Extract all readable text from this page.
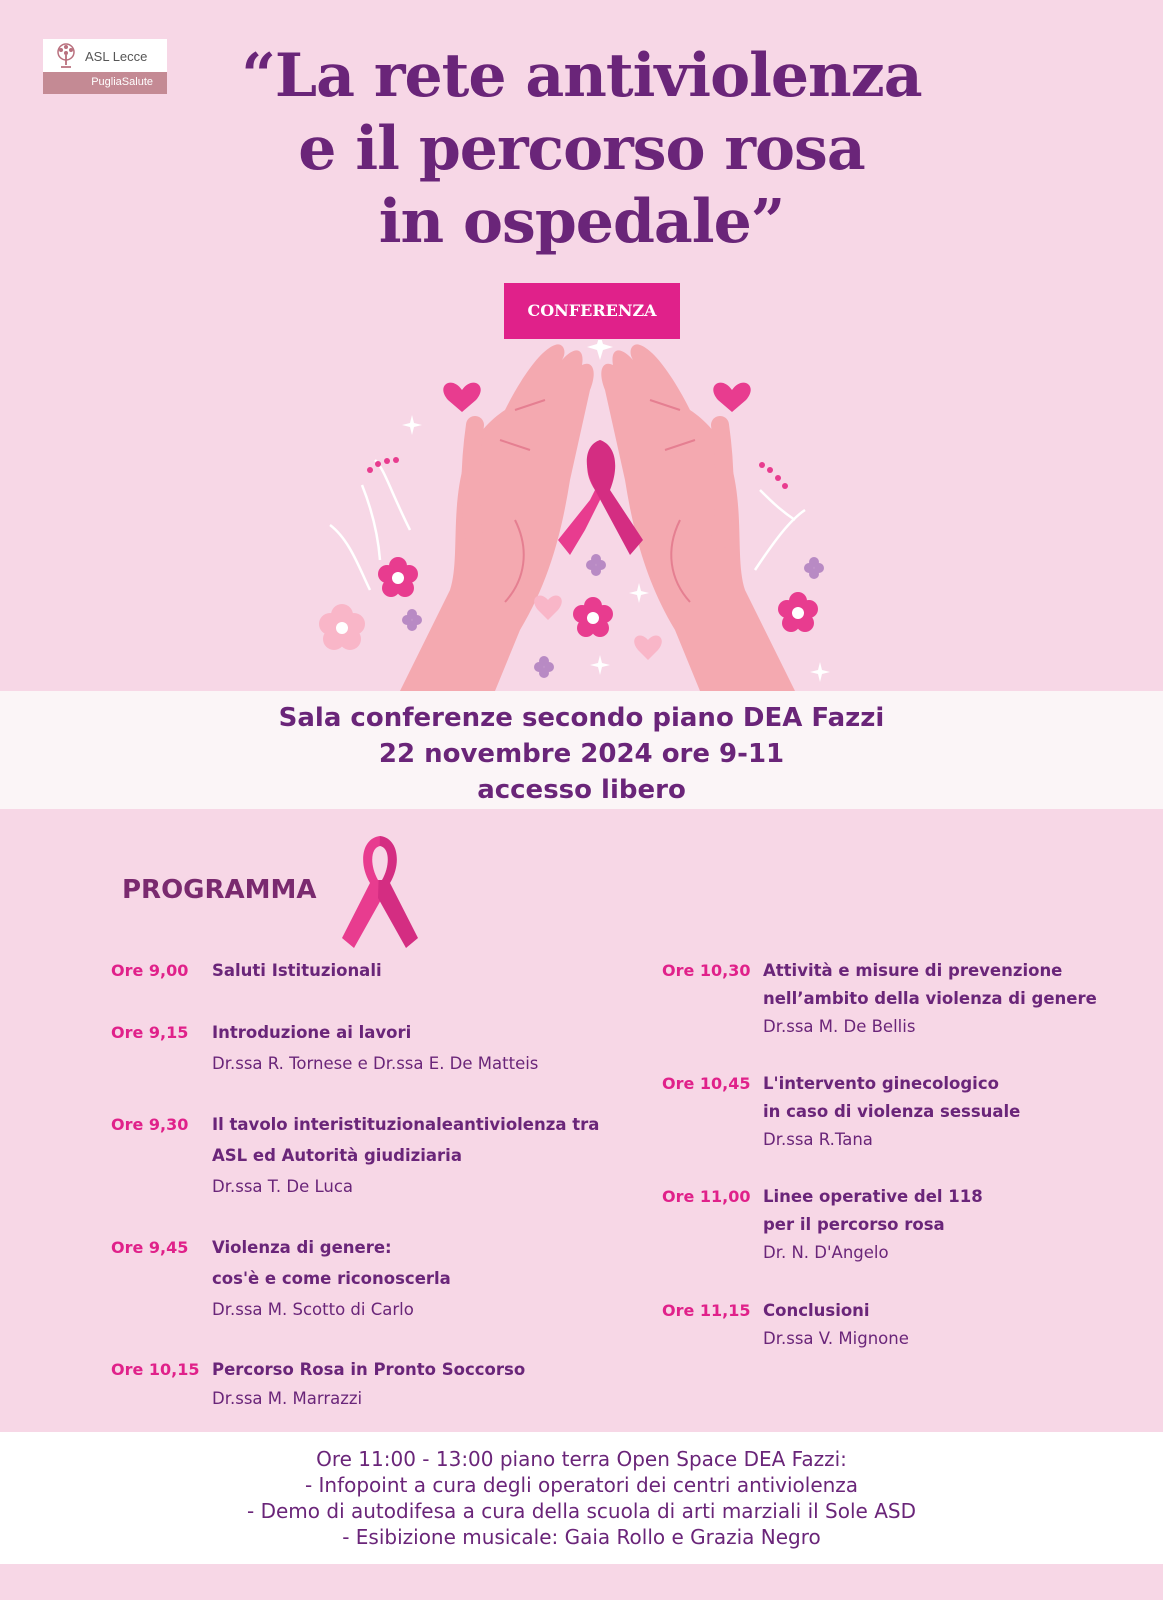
ASL Lecce
PugliaSalute	“La rete antiviolenza
e il percorso rosa
in ospedale”
CONFERENZA
Sala conferenze secondo piano DEA Fazzi
22 novembre 2024 ore 9-11
accesso libero
PROGRAMMA
Ore 9,00 Saluti Istituzionali
Ore 9,15 Introduzione ai lavori
Dr.ssa R. Tornese e Dr.ssa E. De Matteis
Ore 9,30 Il tavolo interistituzionaleantiviolenza tra
ASL ed Autorità giudiziaria
Dr.ssa T. De Luca
Ore 9,45 Violenza di genere:
cos'è e come riconoscerla
Dr.ssa M. Scotto di Carlo
Ore 10,15 Percorso Rosa in Pronto Soccorso
Dr.ssa M. Marrazzi
Ore 10,30 Attività e misure di prevenzione
nell’ambito della violenza di genere
Dr.ssa M. De Bellis
Ore 10,45 L'intervento ginecologico
in caso di violenza sessuale
Dr.ssa R.Tana
Ore 11,00 Linee operative del 118
per il percorso rosa
Dr. N. D'Angelo
Ore 11,15 Conclusioni
Dr.ssa V. Mignone
Ore 11:00 - 13:00 piano terra Open Space DEA Fazzi:
- Infopoint a cura degli operatori dei centri antiviolenza
- Demo di autodifesa a cura della scuola di arti marziali il Sole ASD
- Esibizione musicale: Gaia Rollo e Grazia Negro
